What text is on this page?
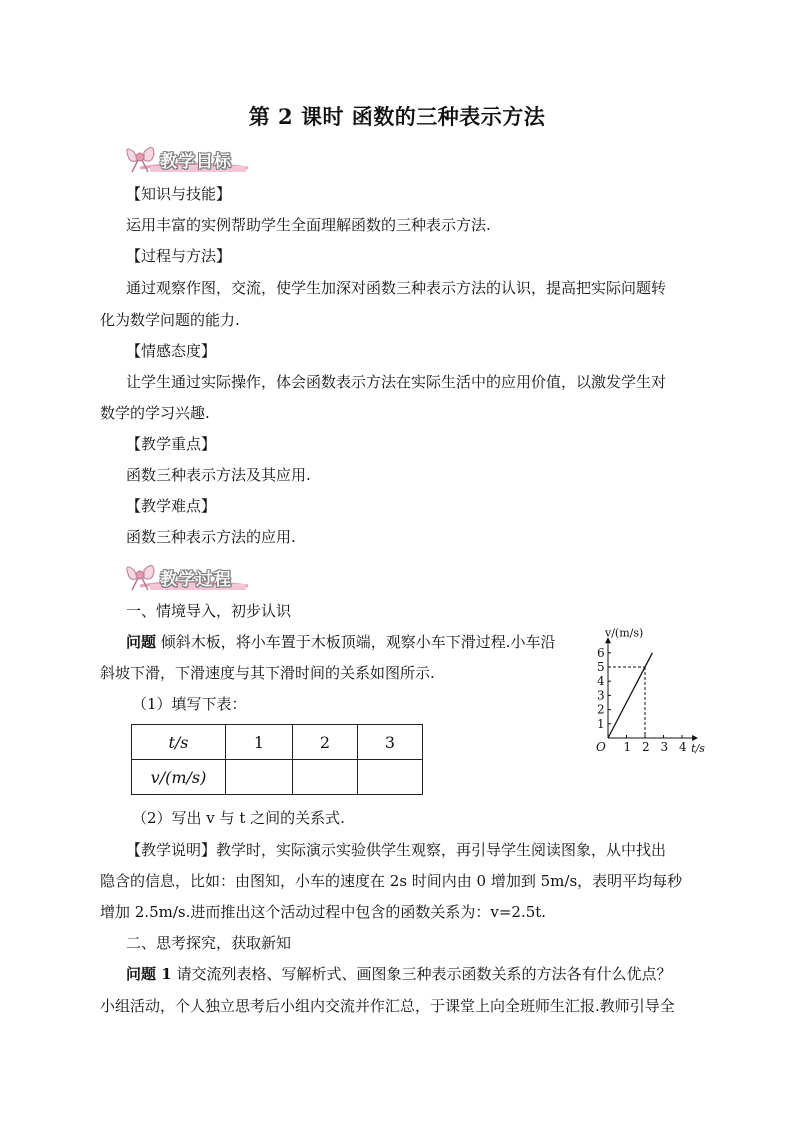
第 2 课时 函数的三种表示方法
教学目标
【知识与技能】
运用丰富的实例帮助学生全面理解函数的三种表示方法.
【过程与方法】
通过观察作图，交流，使学生加深对函数三种表示方法的认识，提高把实际问题转
化为数学问题的能力.
【情感态度】
让学生通过实际操作，体会函数表示方法在实际生活中的应用价值，以激发学生对
数学的学习兴趣.
【教学重点】
函数三种表示方法及其应用.
【教学难点】
函数三种表示方法的应用.
教学过程
一、情境导入，初步认识
问题 倾斜木板，将小车置于木板顶端，观察小车下滑过程.小车沿
斜坡下滑，下滑速度与其下滑时间的关系如图所示.
（1）填写下表：
t/s	1	2	3
v/(m/s)			
1 2 3 4
1
2
3
4
5
6
O	t/s
v/(m/s)
（2）写出 v 与 t 之间的关系式.
【教学说明】教学时，实际演示实验供学生观察，再引导学生阅读图象，从中找出
隐含的信息，比如：由图知，小车的速度在 2s 时间内由 0 增加到 5m/s，表明平均每秒
增加 2.5m/s.进而推出这个活动过程中包含的函数关系为：v=2.5t.
二、思考探究，获取新知
问题 1 请交流列表格、写解析式、画图象三种表示函数关系的方法各有什么优点？
小组活动，个人独立思考后小组内交流并作汇总，于课堂上向全班师生汇报.教师引导全
